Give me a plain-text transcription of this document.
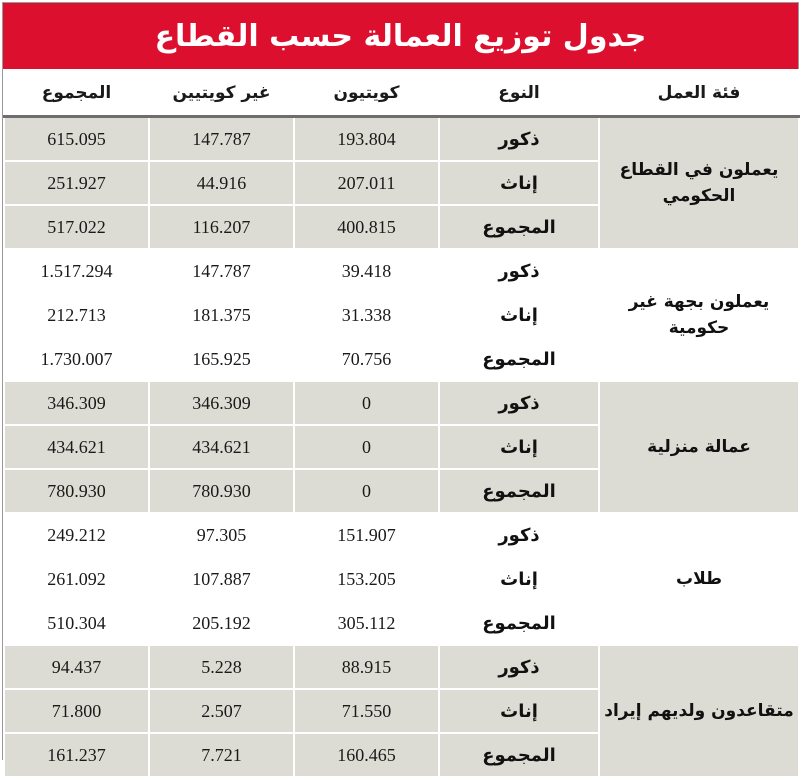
جدول توزيع العمالة حسب القطاع
المجموع	غير كويتيين	كويتيون	النوع	فئة العمل
615.095	147.787	193.804	ذكور	يعملون في القطاع الحكومي
251.927	44.916	207.011	إناث	
517.022	116.207	400.815	المجموع	
1.517.294	147.787	39.418	ذكور	يعملون بجهة غير حكومية
212.713	181.375	31.338	إناث	
1.730.007	165.925	70.756	المجموع	
346.309	346.309	0	ذكور	عمالة منزلية
434.621	434.621	0	إناث	
780.930	780.930	0	المجموع	
249.212	97.305	151.907	ذكور	طلاب
261.092	107.887	153.205	إناث	
510.304	205.192	305.112	المجموع	
94.437	5.228	88.915	ذكور	متقاعدون ولديهم إيراد
71.800	2.507	71.550	إناث	
161.237	7.721	160.465	المجموع	
